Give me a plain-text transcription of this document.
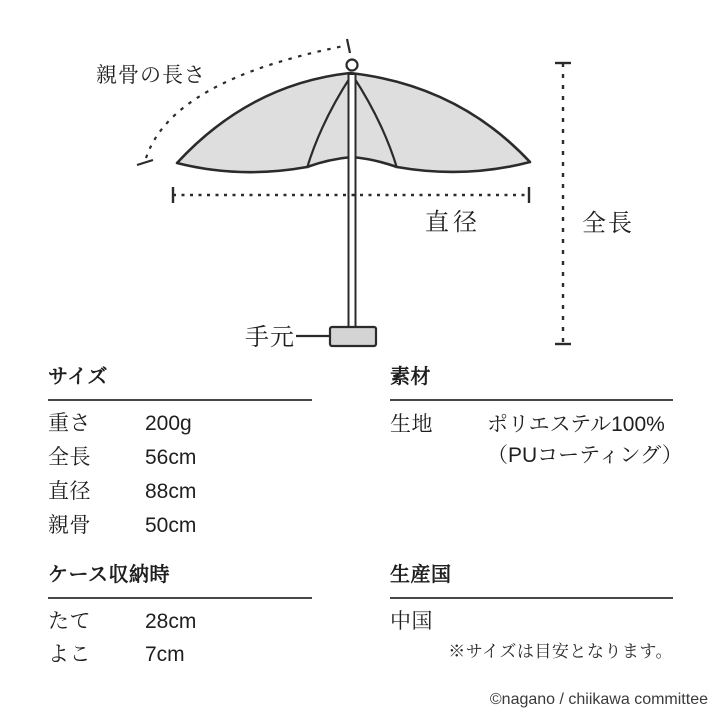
親骨の長さ
直径	全長
手元
サイズ
重さ	200g
全長	56cm
直径	88cm
親骨	50cm
素材
生地	ポリエステル100%
（PUコーティング）
ケース収納時
たて	28cm
よこ	7cm
生産国
中国
※サイズは目安となります。
©nagano / chiikawa committee
